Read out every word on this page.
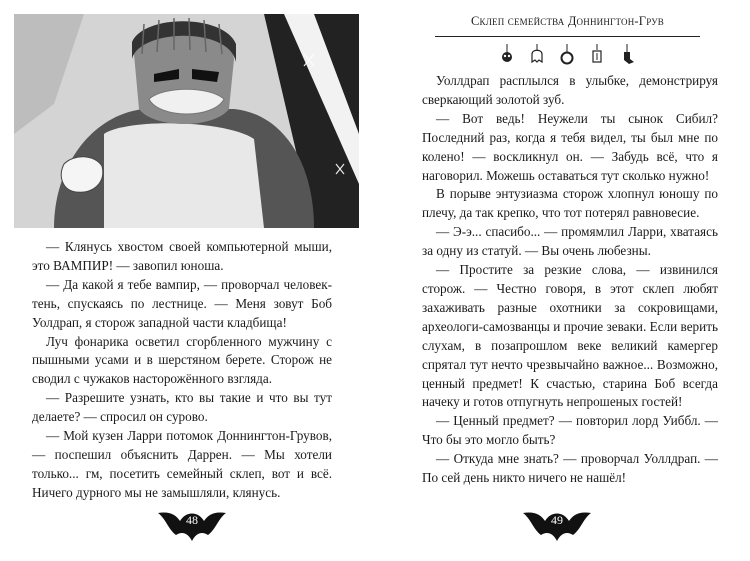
— Клянусь хвостом своей компьютерной мыши, это ВАМПИР! — завопил юноша.

— Да какой я тебе вампир, — проворчал человек-тень, спускаясь по лестнице. — Меня зовут Боб Уолдрап, я сторож западной части кладбища!

Луч фонарика осветил сгорбленного мужчину с пышными усами и в шерстяном берете. Сторож не сводил с чужаков насторожённого взгляда.

— Разрешите узнать, кто вы такие и что вы тут делаете? — спросил он сурово.

— Мой кузен Ларри потомок Доннингтон-Грувов, — поспешил объяснить Даррен. — Мы хотели только... гм, посетить семейный склеп, вот и всё. Ничего дурного мы не замышляли, клянусь.

48
Склеп семейства Доннингтон-Грув

Уоллдрап расплылся в улыбке, демонстрируя сверкающий золотой зуб.

— Вот ведь! Неужели ты сынок Сибил? Последний раз, когда я тебя видел, ты был мне по колено! — воскликнул он. — Забудь всё, что я наговорил. Можешь оставаться тут сколько нужно!

В порыве энтузиазма сторож хлопнул юношу по плечу, да так крепко, что тот потерял равновесие.

— Э-э... спасибо... — промямлил Ларри, хватаясь за одну из статуй. — Вы очень любезны.

— Простите за резкие слова, — извинился сторож. — Честно говоря, в этот склеп любят захаживать разные охотники за сокровищами, археологи-самозванцы и прочие зеваки. Если верить слухам, в позапрошлом веке великий камергер спрятал тут нечто чрезвычайно важное... Возможно, ценный предмет! К счастью, старина Боб всегда начеку и готов отпугнуть непрошеных гостей!

— Ценный предмет? — повторил лорд Уиббл. — Что бы это могло быть?

— Откуда мне знать? — проворчал Уоллдрап. — По сей день никто ничего не нашёл!

49
